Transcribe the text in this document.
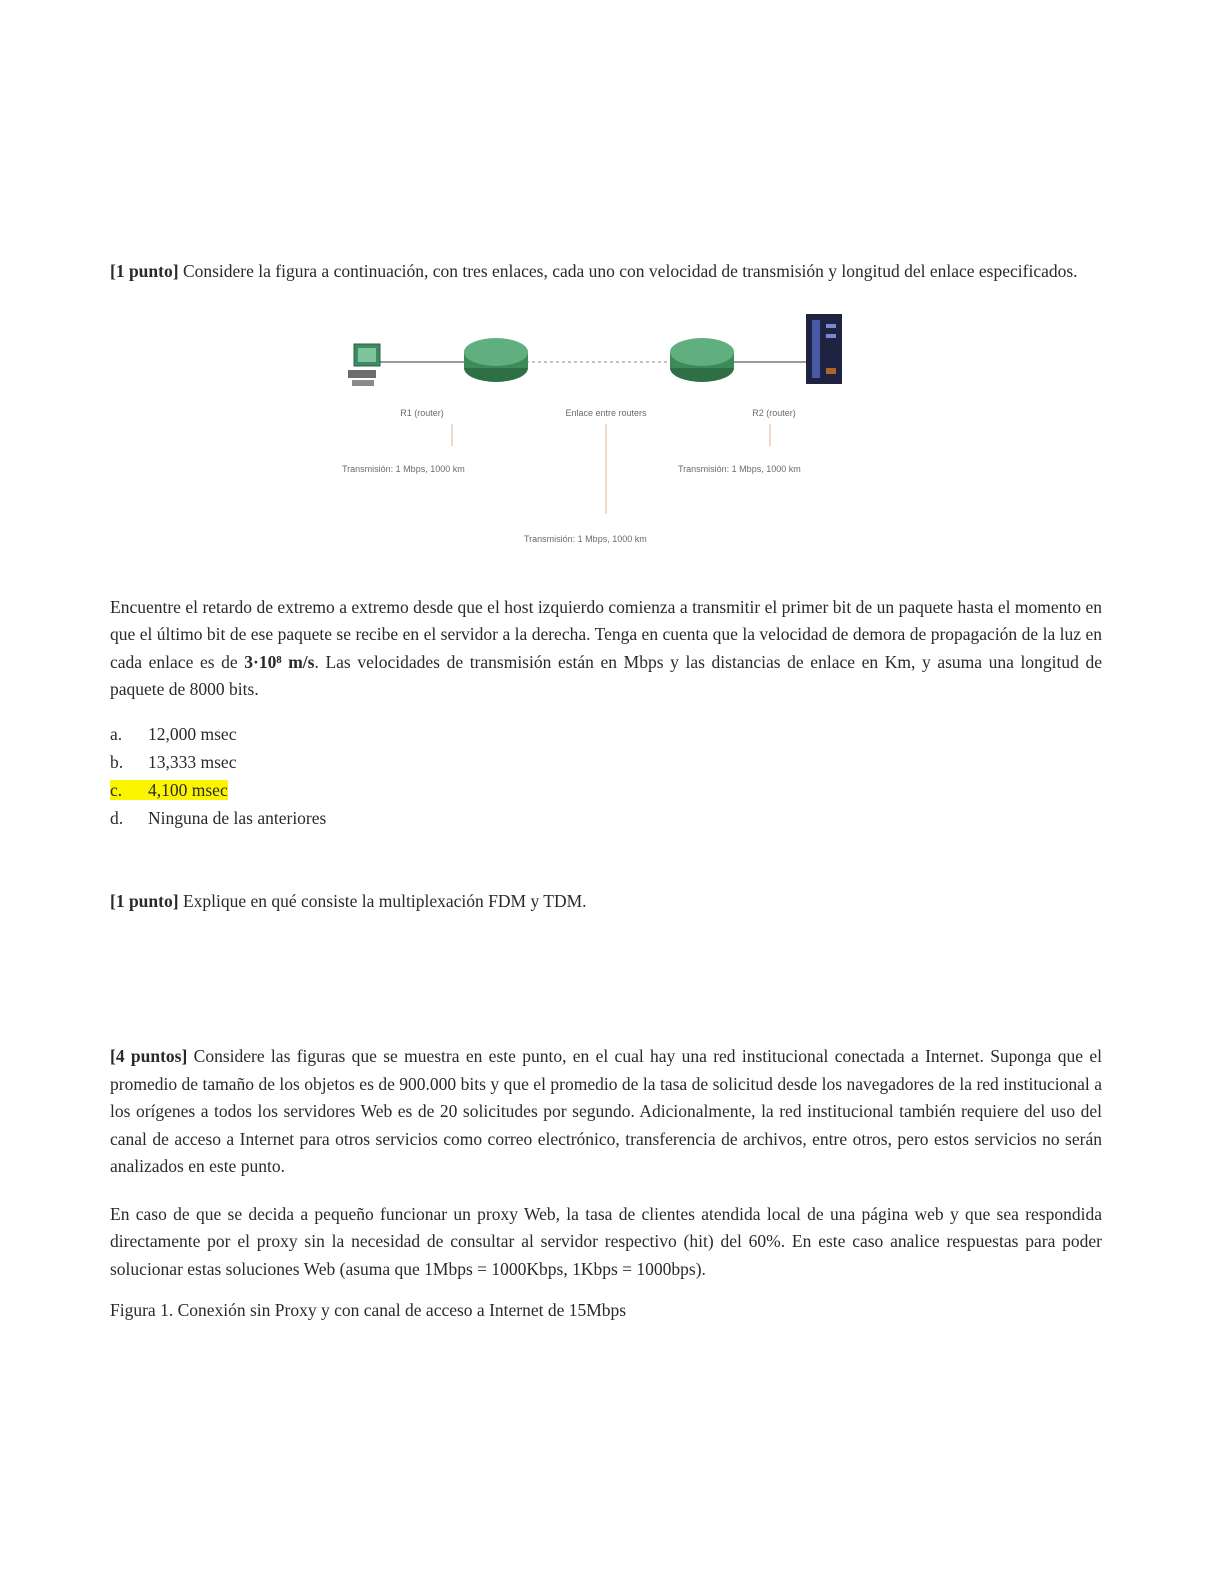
[1 punto] Considere la figura a continuación, con tres enlaces, cada uno con velocidad de transmisión y longitud del enlace especificados.

R1 (router)	Enlace entre routers	R2 (router)
Transmisión: 1 Mbps, 1000 km	Transmisión: 1 Mbps, 1000 km
Transmisión: 1 Mbps, 1000 km

Encuentre el retardo de extremo a extremo desde que el host izquierdo comienza a transmitir el primer bit de un paquete hasta el momento en que el último bit de ese paquete se recibe en el servidor a la derecha. Tenga en cuenta que la velocidad de demora de propagación de la luz en cada enlace es de 3·10⁸ m/s. Las velocidades de transmisión están en Mbps y las distancias de enlace en Km, y asuma una longitud de paquete de 8000 bits.

a. 12,000 msec
b. 13,333 msec
c. 4,100 msec
d. Ninguna de las anteriores

[1 punto] Explique en qué consiste la multiplexación FDM y TDM.

[4 puntos] Considere las figuras que se muestra en este punto, en el cual hay una red institucional conectada a Internet. Suponga que el promedio de tamaño de los objetos es de 900.000 bits y que el promedio de la tasa de solicitud desde los navegadores de la red institucional a los orígenes a todos los servidores Web es de 20 solicitudes por segundo. Adicionalmente, la red institucional también requiere del uso del canal de acceso a Internet para otros servicios como correo electrónico, transferencia de archivos, entre otros, pero estos servicios no serán analizados en este punto.

En caso de que se decida a pequeño funcionar un proxy Web, la tasa de clientes atendida local de una página web y que sea respondida directamente por el proxy sin la necesidad de consultar al servidor respectivo (hit) del 60%. En este caso analice respuestas para poder solucionar estas soluciones Web (asuma que 1Mbps = 1000Kbps, 1Kbps = 1000bps).

Figura 1. Conexión sin Proxy y con canal de acceso a Internet de 15Mbps
